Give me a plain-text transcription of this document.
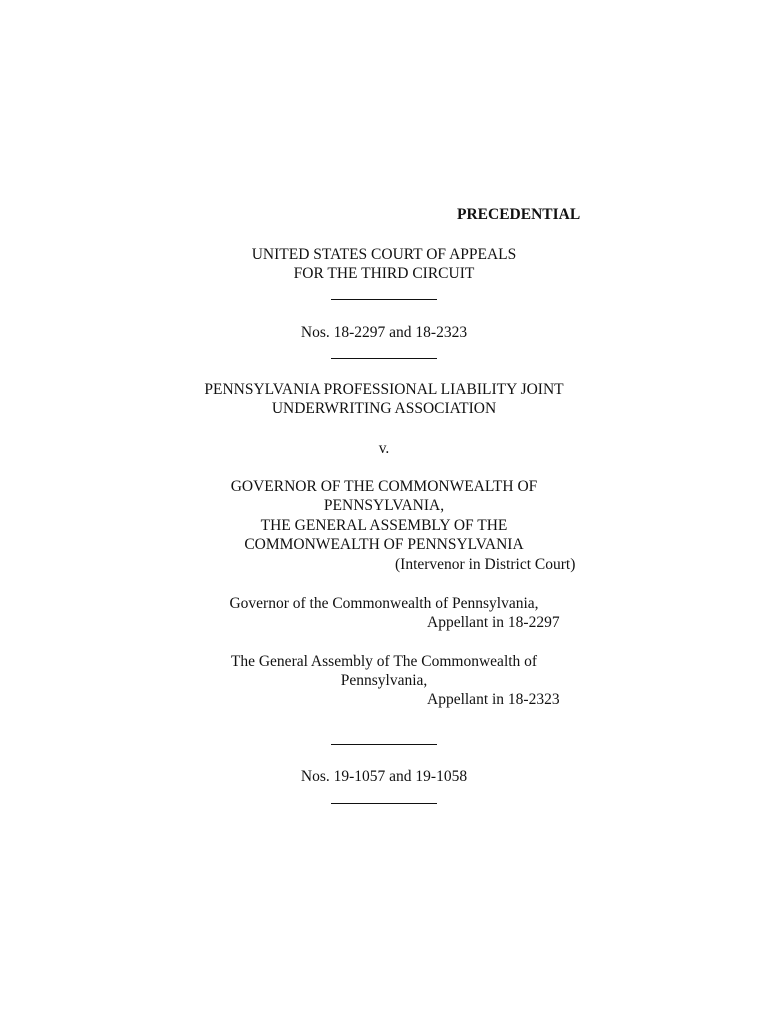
PRECEDENTIAL

UNITED STATES COURT OF APPEALS

FOR THE THIRD CIRCUIT

Nos. 18-2297 and 18-2323

PENNSYLVANIA PROFESSIONAL LIABILITY JOINT

UNDERWRITING ASSOCIATION

v.

GOVERNOR OF THE COMMONWEALTH OF

PENNSYLVANIA,

THE GENERAL ASSEMBLY OF THE

COMMONWEALTH OF PENNSYLVANIA

(Intervenor in District Court)

Governor of the Commonwealth of Pennsylvania,

Appellant in 18-2297

The General Assembly of The Commonwealth of

Pennsylvania,

Appellant in 18-2323

Nos. 19-1057 and 19-1058
